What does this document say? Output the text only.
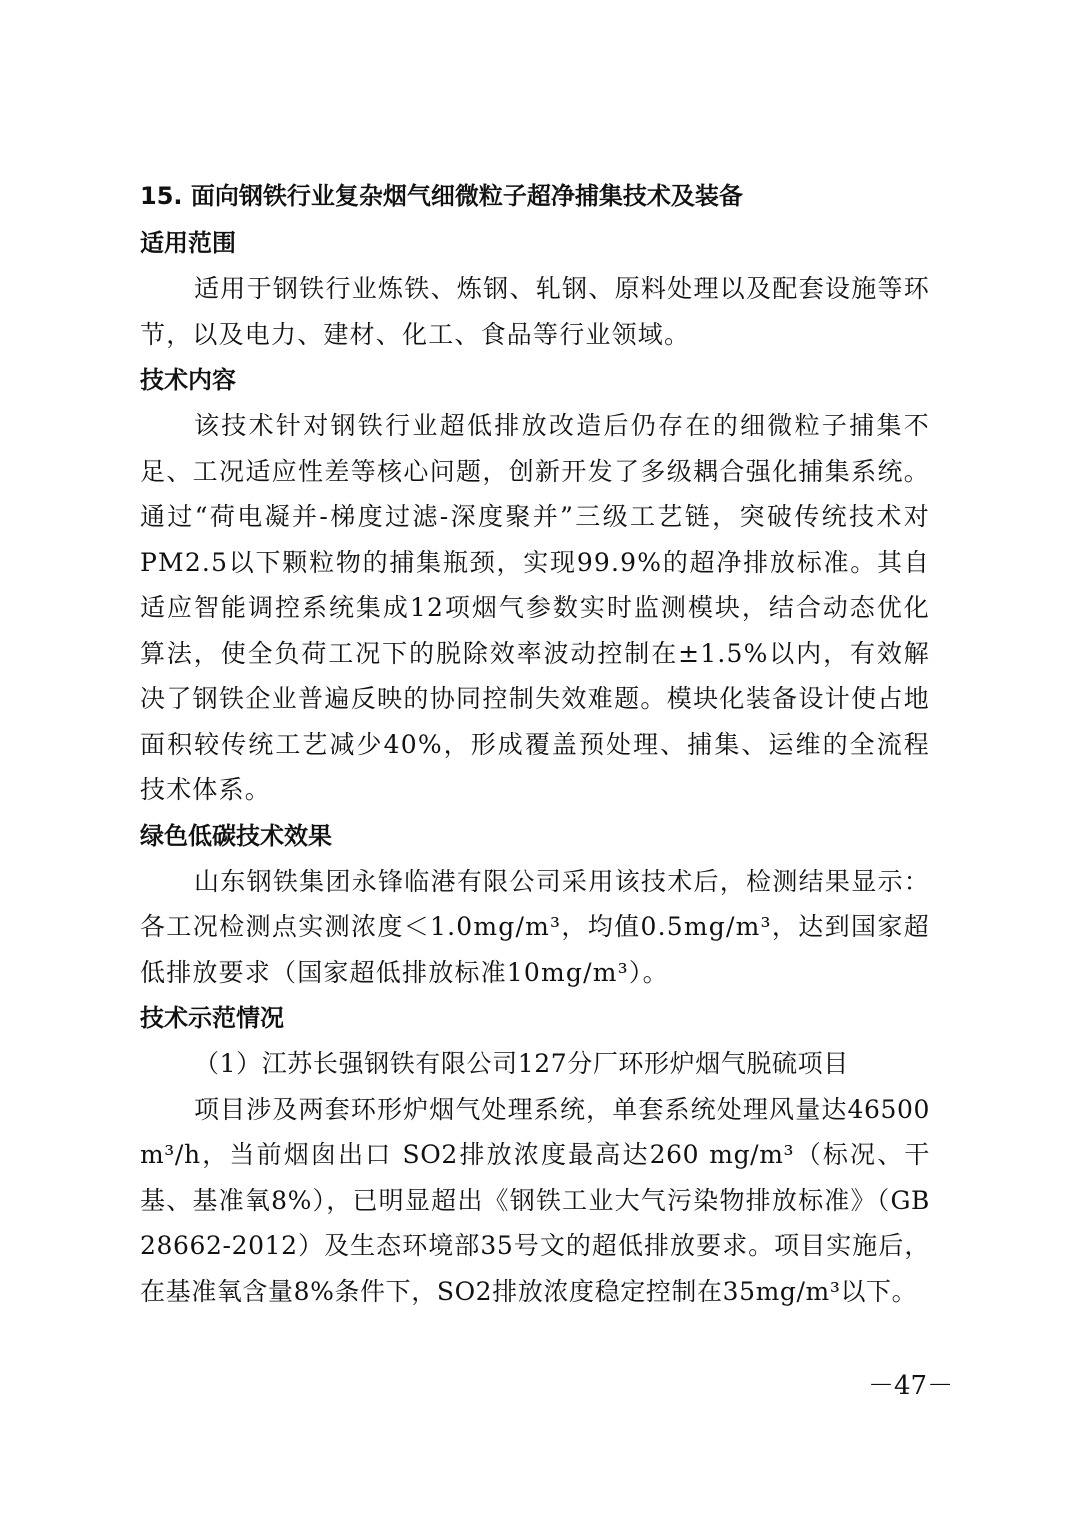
15. 面向钢铁行业复杂烟气细微粒子超净捕集技术及装备
适用范围

适用于钢铁行业炼铁、炼钢、轧钢、原料处理以及配套设施等环节，以及电力、建材、化工、食品等行业领域。

技术内容

该技术针对钢铁行业超低排放改造后仍存在的细微粒子捕集不足、工况适应性差等核心问题，创新开发了多级耦合强化捕集系统。通过“荷电凝并-梯度过滤-深度聚并”三级工艺链，突破传统技术对 PM2.5以下颗粒物的捕集瓶颈，实现99.9%的超净排放标准。其自适应智能调控系统集成12项烟气参数实时监测模块，结合动态优化算法，使全负荷工况下的脱除效率波动控制在±1.5%以内，有效解决了钢铁企业普遍反映的协同控制失效难题。模块化装备设计使占地面积较传统工艺减少40%，形成覆盖预处理、捕集、运维的全流程技术体系。

绿色低碳技术效果

山东钢铁集团永锋临港有限公司采用该技术后，检测结果显示：各工况检测点实测浓度＜1.0mg/m³，均值0.5mg/m³，达到国家超低排放要求（国家超低排放标准10mg/m³）。

技术示范情况

（1）江苏长强钢铁有限公司127分厂环形炉烟气脱硫项目

项目涉及两套环形炉烟气处理系统，单套系统处理风量达46500 m³/h，当前烟囱出口 SO2排放浓度最高达260 mg/m³（标况、干基、基准氧8%），已明显超出《钢铁工业大气污染物排放标准》（GB 28662-2012）及生态环境部35号文的超低排放要求。项目实施后，在基准氧含量8%条件下，SO2排放浓度稳定控制在35mg/m³以下。

－47－
